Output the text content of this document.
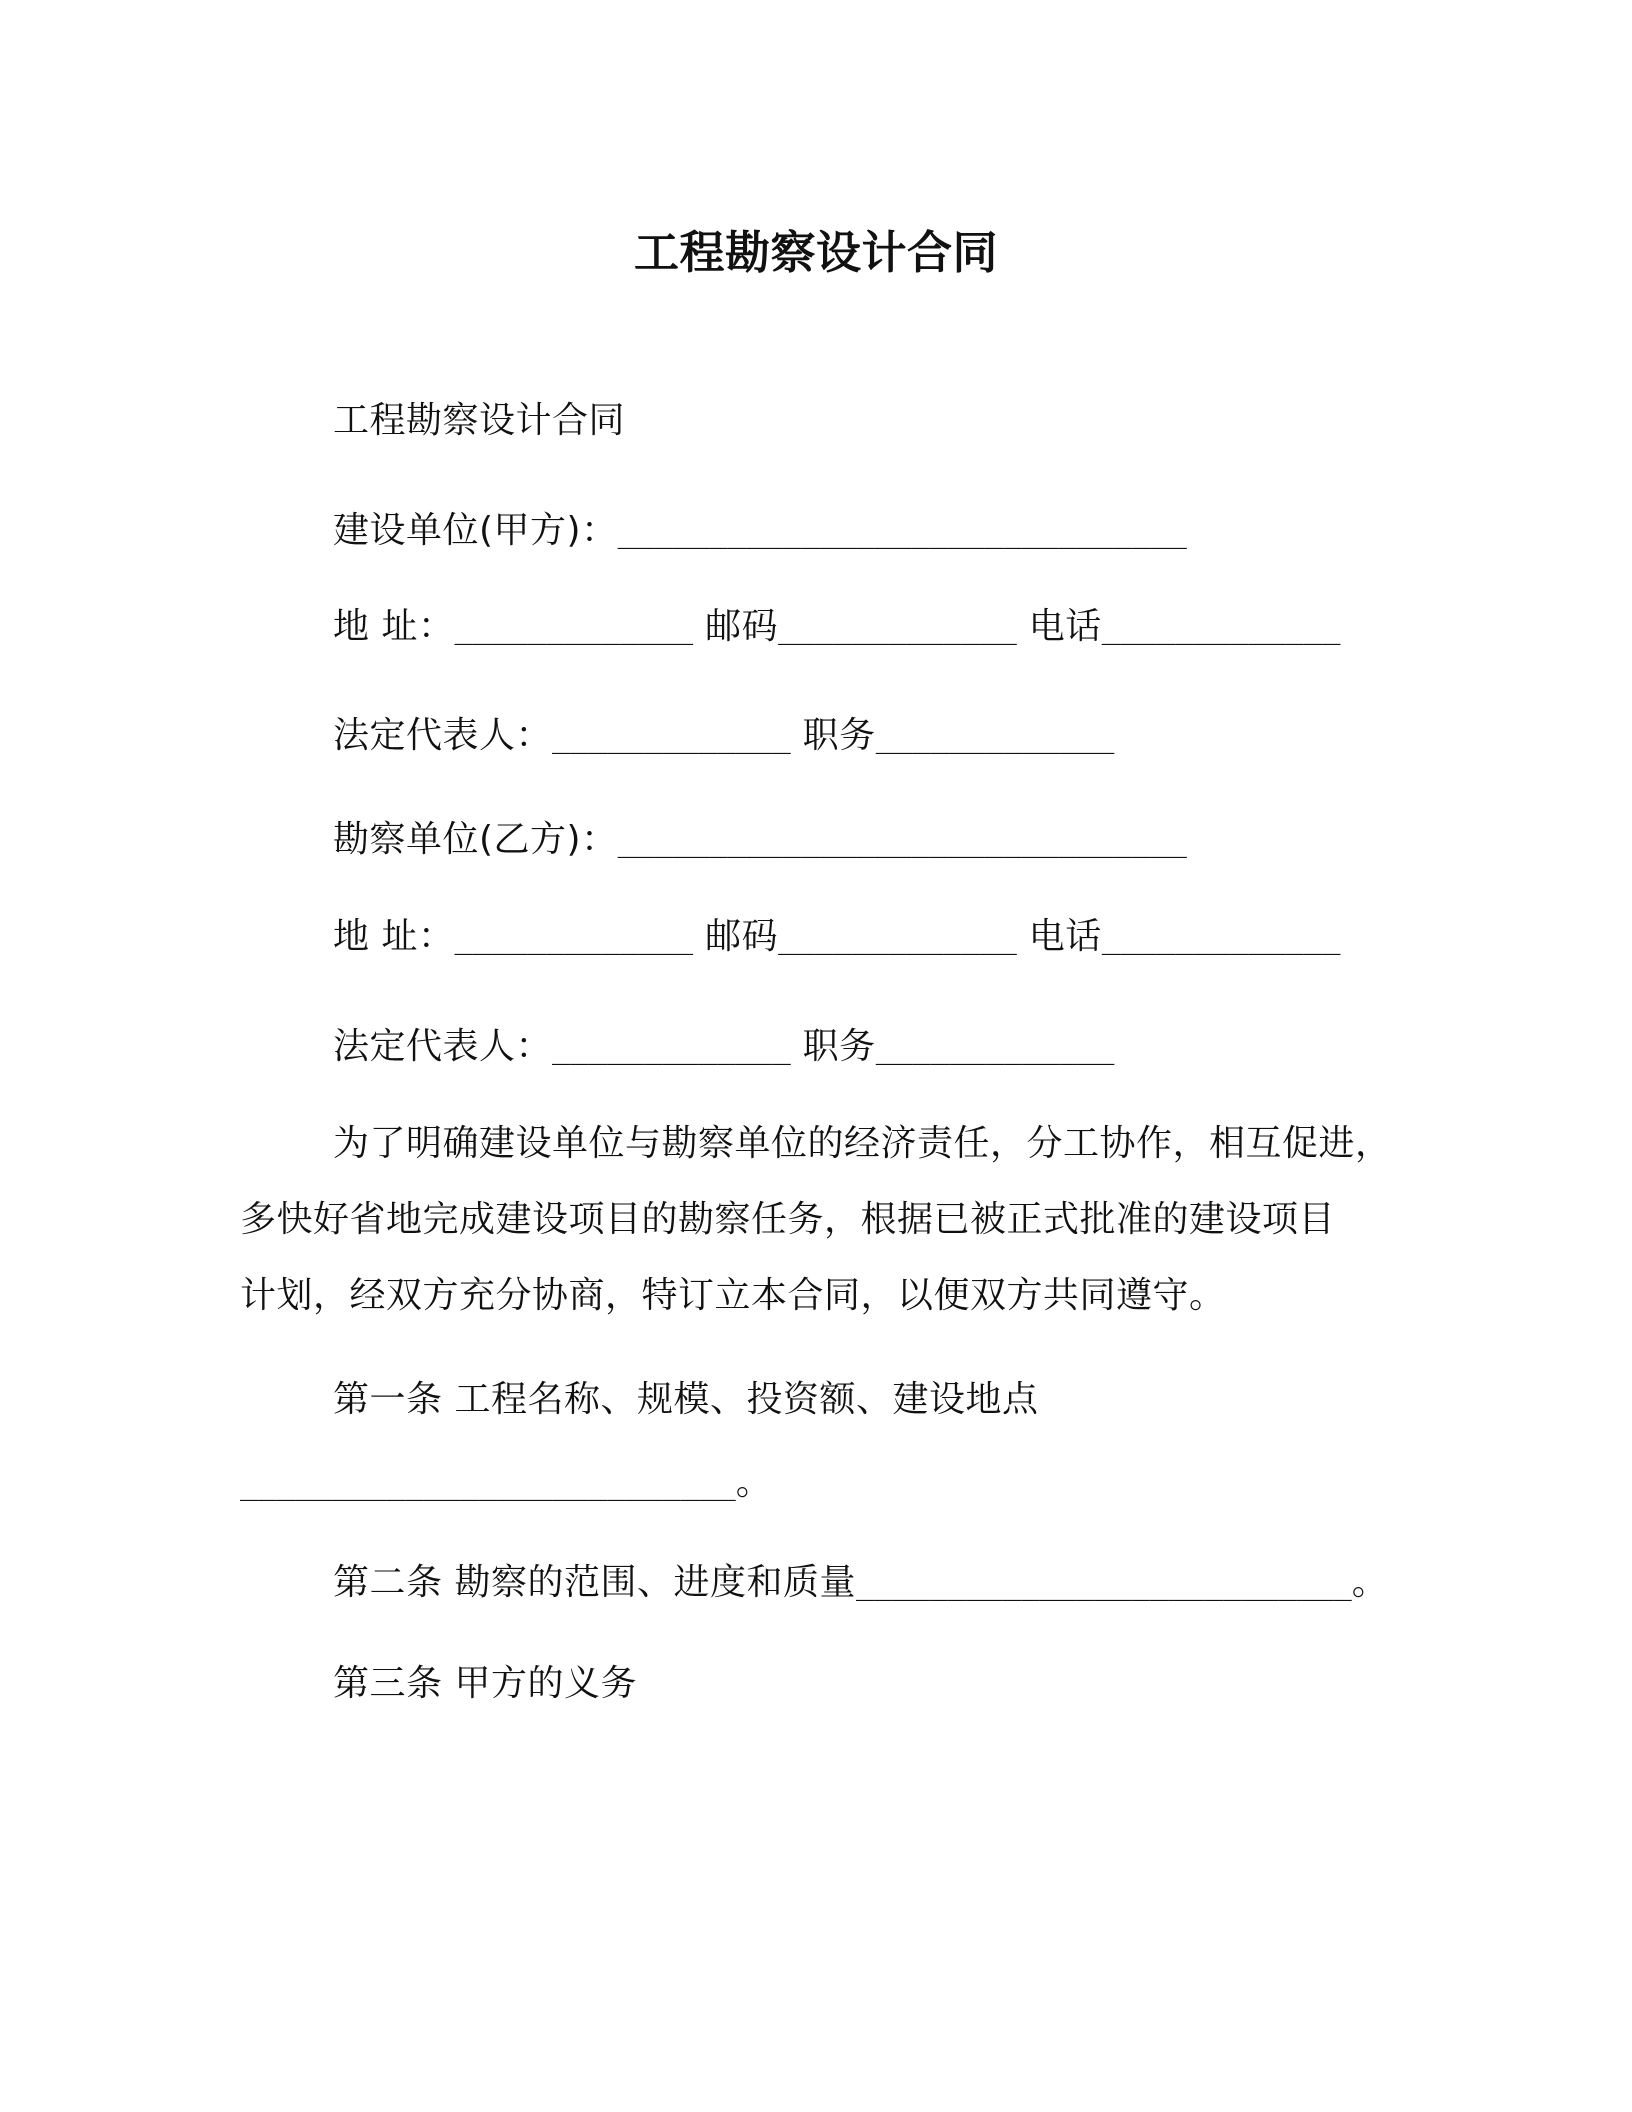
工程勘察设计合同
工程勘察设计合同
建设单位(甲方)： _______________________________
地 址： _____________ 邮码 _____________ 电话 _____________
法定代表人： _____________ 职务 _____________
勘察单位(乙方)： _______________________________
地 址： _____________ 邮码 _____________ 电话 _____________
法定代表人： _____________ 职务 _____________
为了明确建设单位与勘察单位的经济责任，分工协作，相互促进，
多快好省地完成建设项目的勘察任务，根据已被正式批准的建设项目
计划，经双方充分协商，特订立本合同，以便双方共同遵守。
第一条 工程名称、规模、投资额、建设地点
___________________________ 。
第二条 勘察的范围、进度和质量 ___________________________ 。
第三条 甲方的义务
